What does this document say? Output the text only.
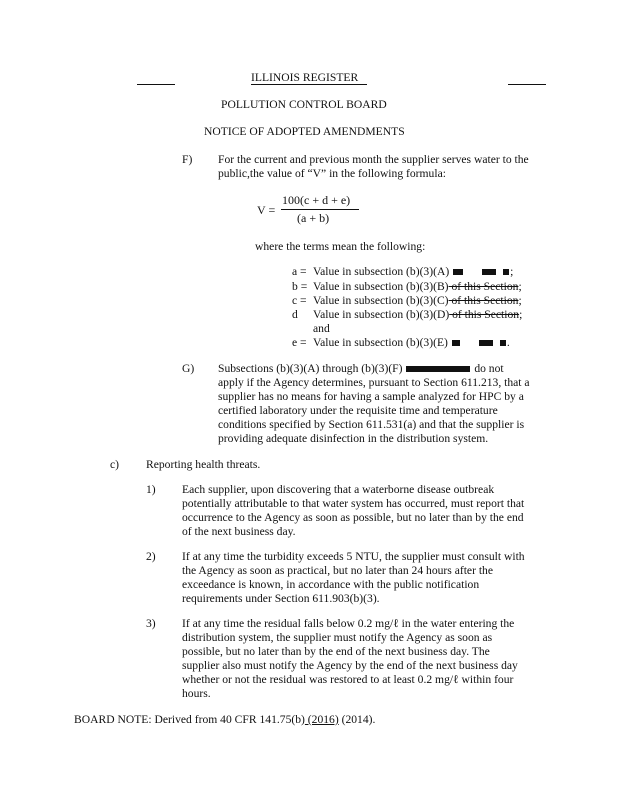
ILLINOIS REGISTER
POLLUTION CONTROL BOARD
NOTICE OF ADOPTED AMENDMENTS
F) For the current and previous month the supplier serves water to the
public,the value of “V” in the following formula:
V =
100(c + d + e)
(a + b)
where the terms mean the following:
a = Value in subsection (b)(3)(A)	;
b = Value in subsection (b)(3)(B) of this Section;
c = Value in subsection (b)(3)(C) of this Section;
d Value in subsection (b)(3)(D) of this Section;
and
e = Value in subsection (b)(3)(E)	.
G) Subsections (b)(3)(A) through (b)(3)(F)	do not
apply if the Agency determines, pursuant to Section 611.213, that a
supplier has no means for having a sample analyzed for HPC by a
certified laboratory under the requisite time and temperature
conditions specified by Section 611.531(a) and that the supplier is
providing adequate disinfection in the distribution system.
c) Reporting health threats.
1) Each supplier, upon discovering that a waterborne disease outbreak
potentially attributable to that water system has occurred, must report that
occurrence to the Agency as soon as possible, but no later than by the end
of the next business day.
2) If at any time the turbidity exceeds 5 NTU, the supplier must consult with
the Agency as soon as practical, but no later than 24 hours after the
exceedance is known, in accordance with the public notification
requirements under Section 611.903(b)(3).
3) If at any time the residual falls below 0.2 mg/ℓ in the water entering the
distribution system, the supplier must notify the Agency as soon as
possible, but no later than by the end of the next business day. The
supplier also must notify the Agency by the end of the next business day
whether or not the residual was restored to at least 0.2 mg/ℓ within four
hours.
BOARD NOTE: Derived from 40 CFR 141.75(b) (2016) (2014).
